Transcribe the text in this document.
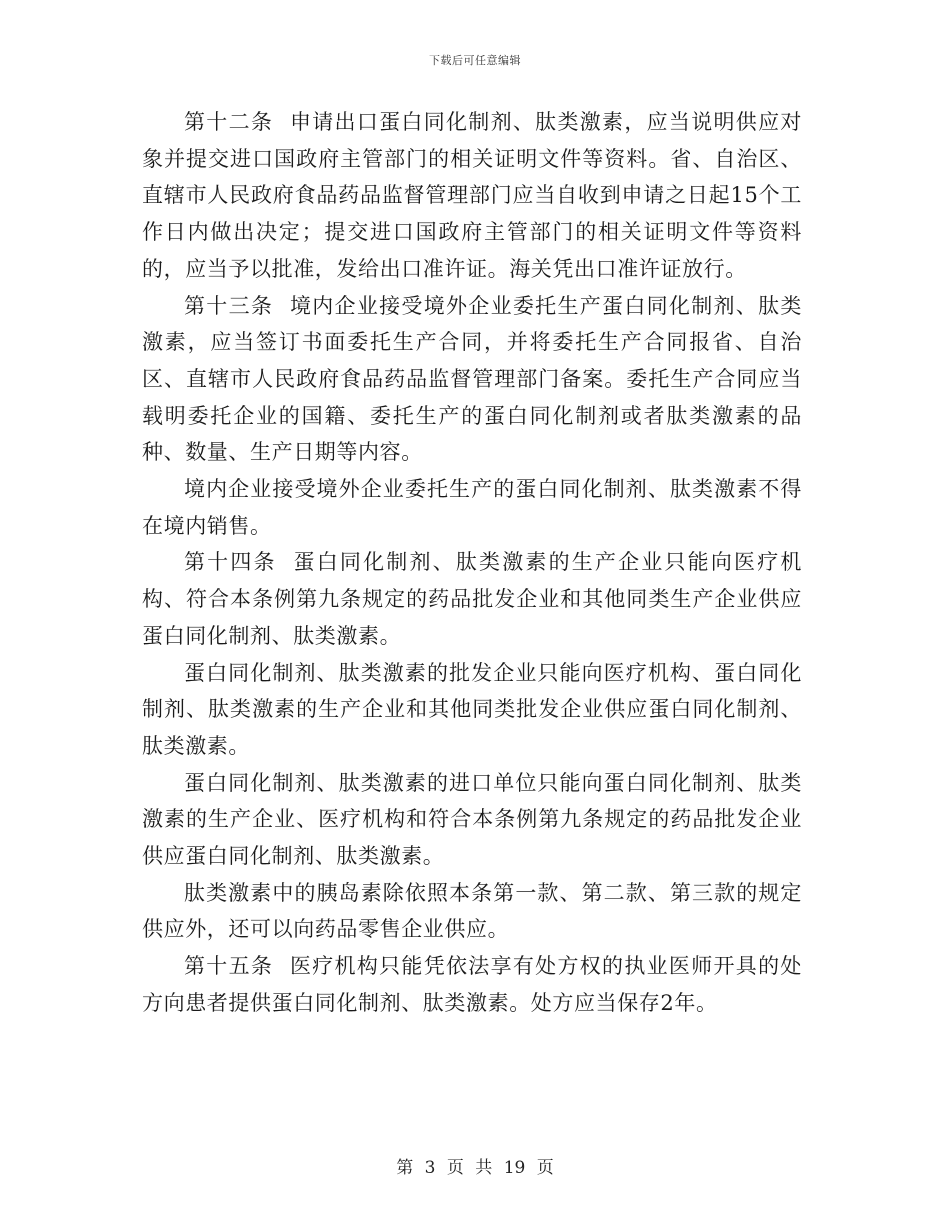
下载后可任意编辑

第十二条 申请出口蛋白同化制剂、肽类激素，应当说明供应对象并提交进口国政府主管部门的相关证明文件等资料。省、自治区、直辖市人民政府食品药品监督管理部门应当自收到申请之日起15个工作日内做出决定；提交进口国政府主管部门的相关证明文件等资料的，应当予以批准，发给出口准许证。海关凭出口准许证放行。

第十三条 境内企业接受境外企业委托生产蛋白同化制剂、肽类激素，应当签订书面委托生产合同，并将委托生产合同报省、自治区、直辖市人民政府食品药品监督管理部门备案。委托生产合同应当载明委托企业的国籍、委托生产的蛋白同化制剂或者肽类激素的品种、数量、生产日期等内容。

境内企业接受境外企业委托生产的蛋白同化制剂、肽类激素不得在境内销售。

第十四条 蛋白同化制剂、肽类激素的生产企业只能向医疗机构、符合本条例第九条规定的药品批发企业和其他同类生产企业供应蛋白同化制剂、肽类激素。

蛋白同化制剂、肽类激素的批发企业只能向医疗机构、蛋白同化制剂、肽类激素的生产企业和其他同类批发企业供应蛋白同化制剂、肽类激素。

蛋白同化制剂、肽类激素的进口单位只能向蛋白同化制剂、肽类激素的生产企业、医疗机构和符合本条例第九条规定的药品批发企业供应蛋白同化制剂、肽类激素。

肽类激素中的胰岛素除依照本条第一款、第二款、第三款的规定供应外，还可以向药品零售企业供应。

第十五条 医疗机构只能凭依法享有处方权的执业医师开具的处方向患者提供蛋白同化制剂、肽类激素。处方应当保存2年。

第 3 页 共 19 页
